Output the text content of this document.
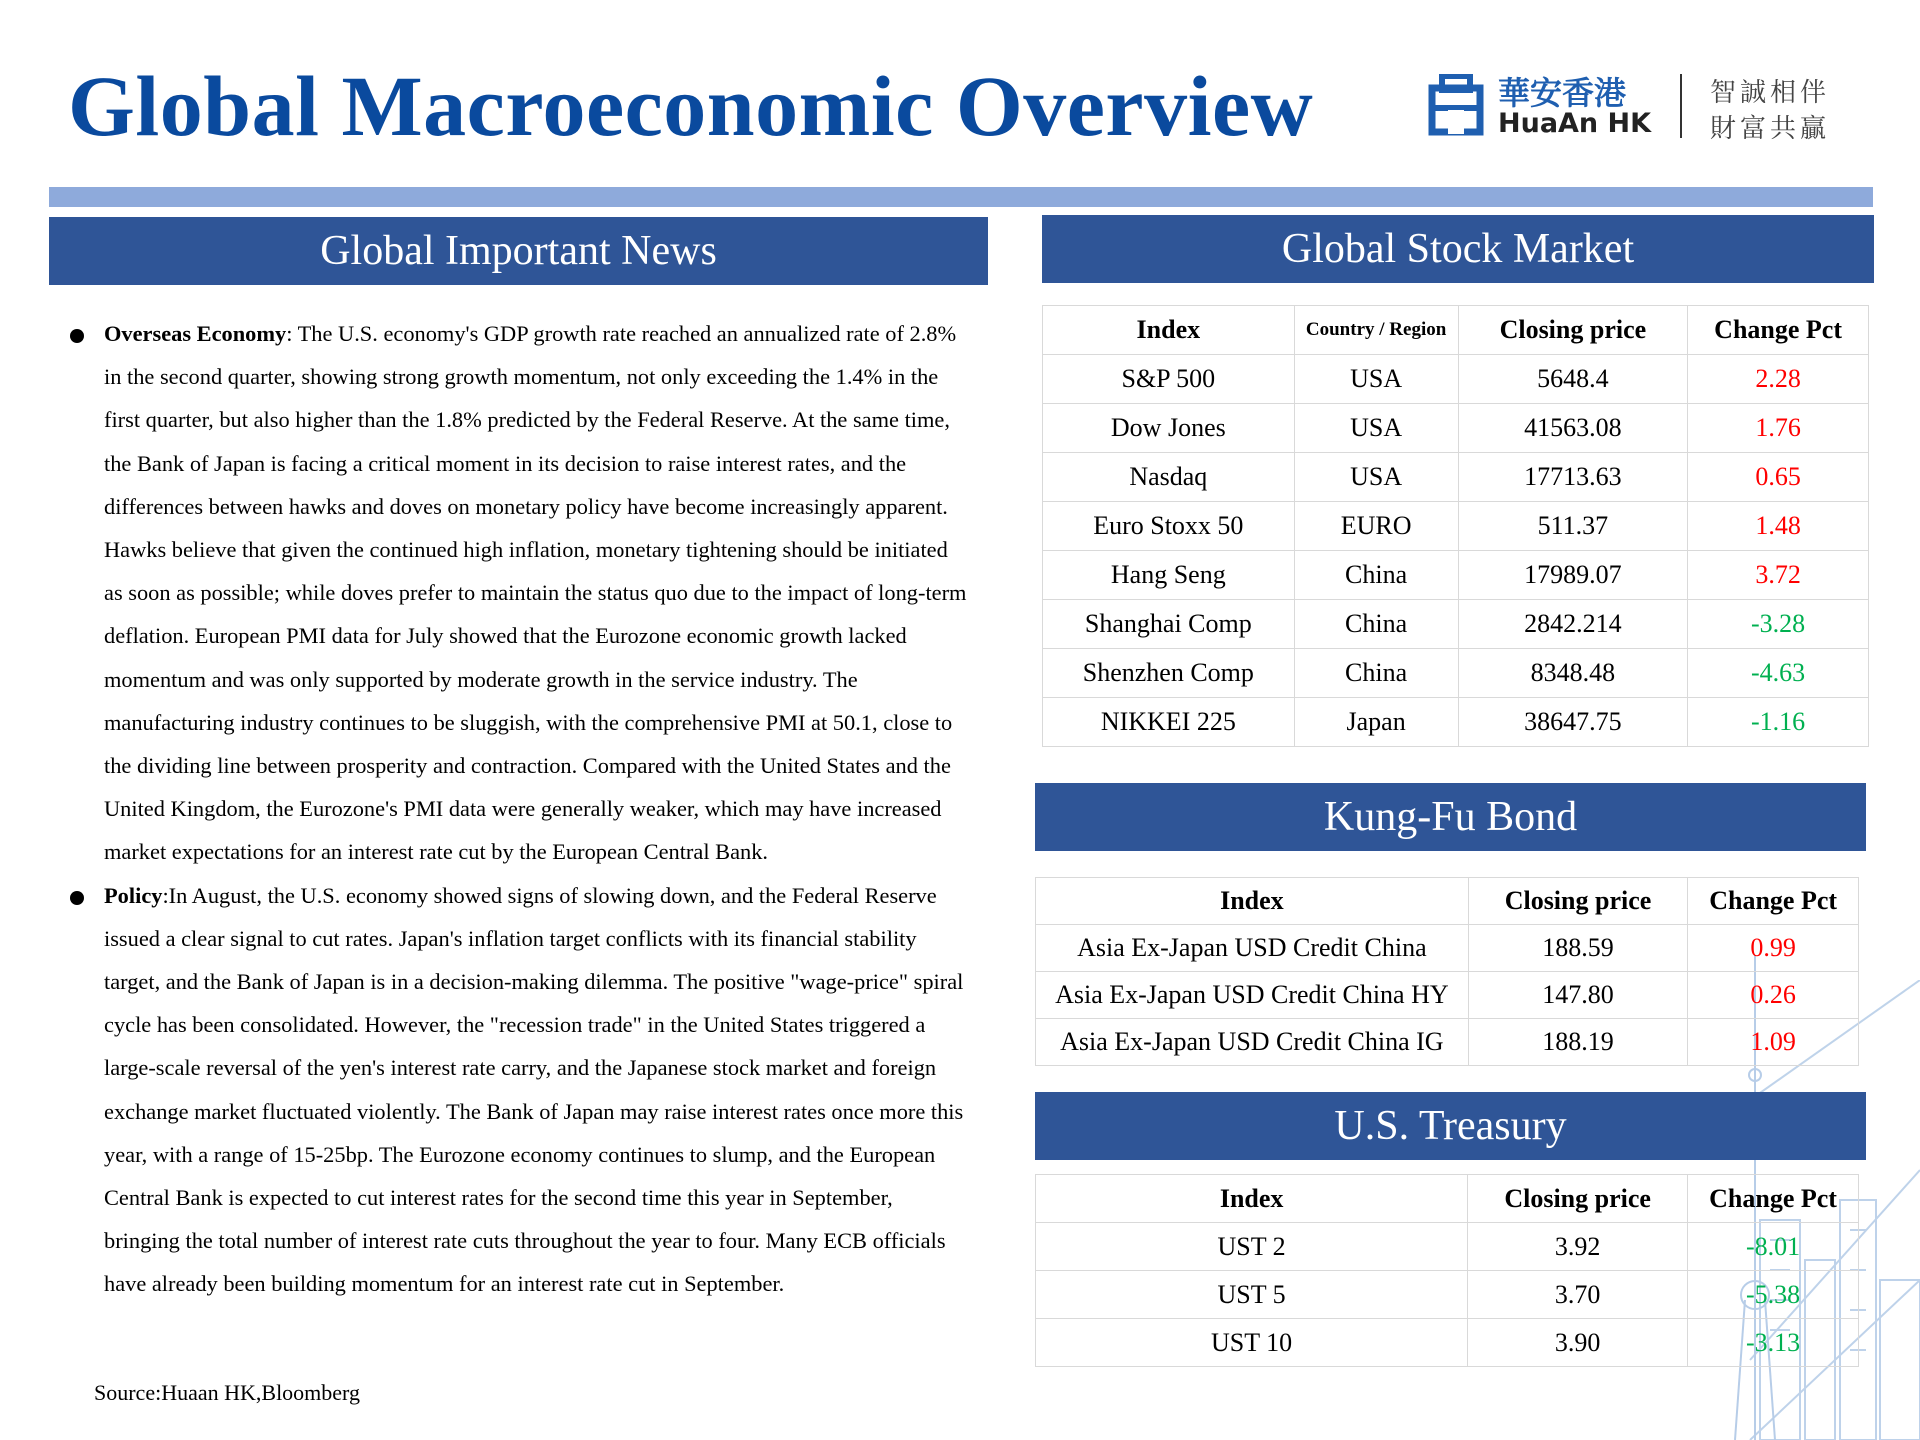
Global Macroeconomic Overview	華安香港
HuaAn HK
智誠相伴
財富共贏
Global Important News
Overseas Economy: The U.S. economy's GDP growth rate reached an annualized rate of 2.8% in the second quarter, showing strong growth momentum, not only exceeding the 1.4% in the first quarter, but also higher than the 1.8% predicted by the Federal Reserve. At the same time, the Bank of Japan is facing a critical moment in its decision to raise interest rates, and the differences between hawks and doves on monetary policy have become increasingly apparent. Hawks believe that given the continued high inflation, monetary tightening should be initiated as soon as possible; while doves prefer to maintain the status quo due to the impact of long-term deflation. European PMI data for July showed that the Eurozone economic growth lacked momentum and was only supported by moderate growth in the service industry. The manufacturing industry continues to be sluggish, with the comprehensive PMI at 50.1, close to the dividing line between prosperity and contraction. Compared with the United States and the United Kingdom, the Eurozone's PMI data were generally weaker, which may have increased market expectations for an interest rate cut by the European Central Bank.
Policy:In August, the U.S. economy showed signs of slowing down, and the Federal Reserve issued a clear signal to cut rates. Japan's inflation target conflicts with its financial stability target, and the Bank of Japan is in a decision-making dilemma. The positive "wage-price" spiral cycle has been consolidated. However, the "recession trade" in the United States triggered a large-scale reversal of the yen's interest rate carry, and the Japanese stock market and foreign exchange market fluctuated violently. The Bank of Japan may raise interest rates once more this year, with a range of 15-25bp. The Eurozone economy continues to slump, and the European Central Bank is expected to cut interest rates for the second time this year in September, bringing the total number of interest rate cuts throughout the year to four. Many ECB officials have already been building momentum for an interest rate cut in September.
Source:Huaan HK,Bloomberg
Global Stock Market
Index	Country / Region	Closing price	Change Pct
S&P 500	USA	5648.4	2.28
Dow Jones	USA	41563.08	1.76
Nasdaq	USA	17713.63	0.65
Euro Stoxx 50	EURO	511.37	1.48
Hang Seng	China	17989.07	3.72
Shanghai Comp	China	2842.214	-3.28
Shenzhen Comp	China	8348.48	-4.63
NIKKEI 225	Japan	38647.75	-1.16
Kung-Fu Bond
Index	Closing price	Change Pct
Asia Ex-Japan USD Credit China	188.59	0.99
Asia Ex-Japan USD Credit China HY	147.80	0.26
Asia Ex-Japan USD Credit China IG	188.19	1.09
U.S. Treasury
Index	Closing price	Change Pct
UST 2	3.92	-8.01
UST 5	3.70	-5.38
UST 10	3.90	-3.13
